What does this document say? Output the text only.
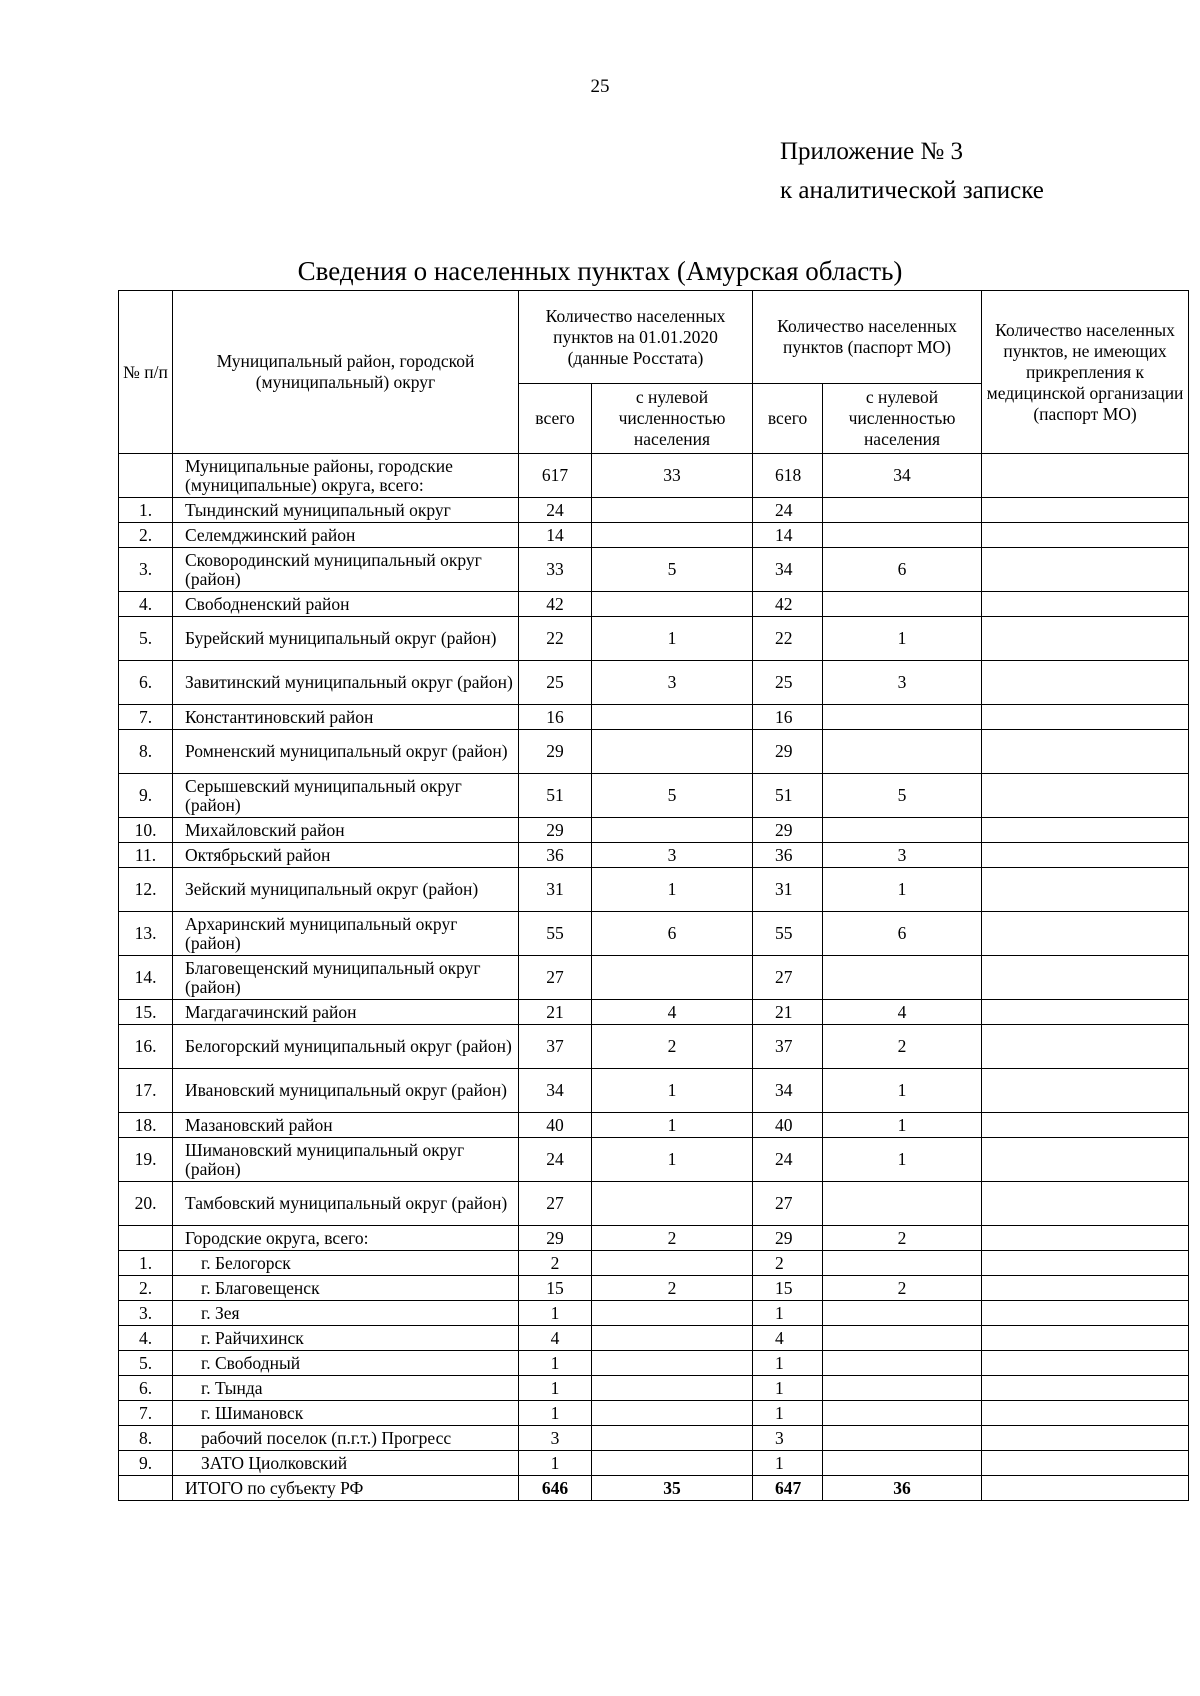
25
Приложение № 3
к аналитической записке
Сведения о населенных пунктах (Амурская область)
№ п/п	Муниципальный район, городской (муниципальный) округ	Количество населенных пунктов на 01.01.2020 (данные Росстата)		Количество населенных пунктов (паспорт МО)		Количество населенных пунктов, не имеющих прикрепления к медицинской организации (паспорт МО)
		всего	с нулевой численностью населения	всего	с нулевой численностью населения	
	Муниципальные районы, городские (муниципальные) округа, всего:	617	33	618	34	
1.	Тындинский муниципальный округ	24		24		
2.	Селемджинский район	14		14		
3.	Сковородинский муниципальный округ (район)	33	5	34	6	
4.	Свободненский район	42		42		
5.	Бурейский муниципальный округ (район)	22	1	22	1	
6.	Завитинский муниципальный округ (район)	25	3	25	3	
7.	Константиновский район	16		16		
8.	Ромненский муниципальный округ (район)	29		29		
9.	Серышевский муниципальный округ (район)	51	5	51	5	
10.	Михайловский район	29		29		
11.	Октябрьский район	36	3	36	3	
12.	Зейский муниципальный округ (район)	31	1	31	1	
13.	Архаринский муниципальный округ (район)	55	6	55	6	
14.	Благовещенский муниципальный округ (район)	27		27		
15.	Магдагачинский район	21	4	21	4	
16.	Белогорский муниципальный округ (район)	37	2	37	2	
17.	Ивановский муниципальный округ (район)	34	1	34	1	
18.	Мазановский район	40	1	40	1	
19.	Шимановский муниципальный округ (район)	24	1	24	1	
20.	Тамбовский муниципальный округ (район)	27		27		
	Городские округа, всего:	29	2	29	2	
1.	г. Белогорск	2		2		
2.	г. Благовещенск	15	2	15	2	
3.	г. Зея	1		1		
4.	г. Райчихинск	4		4		
5.	г. Свободный	1		1		
6.	г. Тында	1		1		
7.	г. Шимановск	1		1		
8.	рабочий поселок (п.г.т.) Прогресс	3		3		
9.	ЗАТО Циолковский	1		1		
	ИТОГО по субъекту РФ	646	35	647	36	
